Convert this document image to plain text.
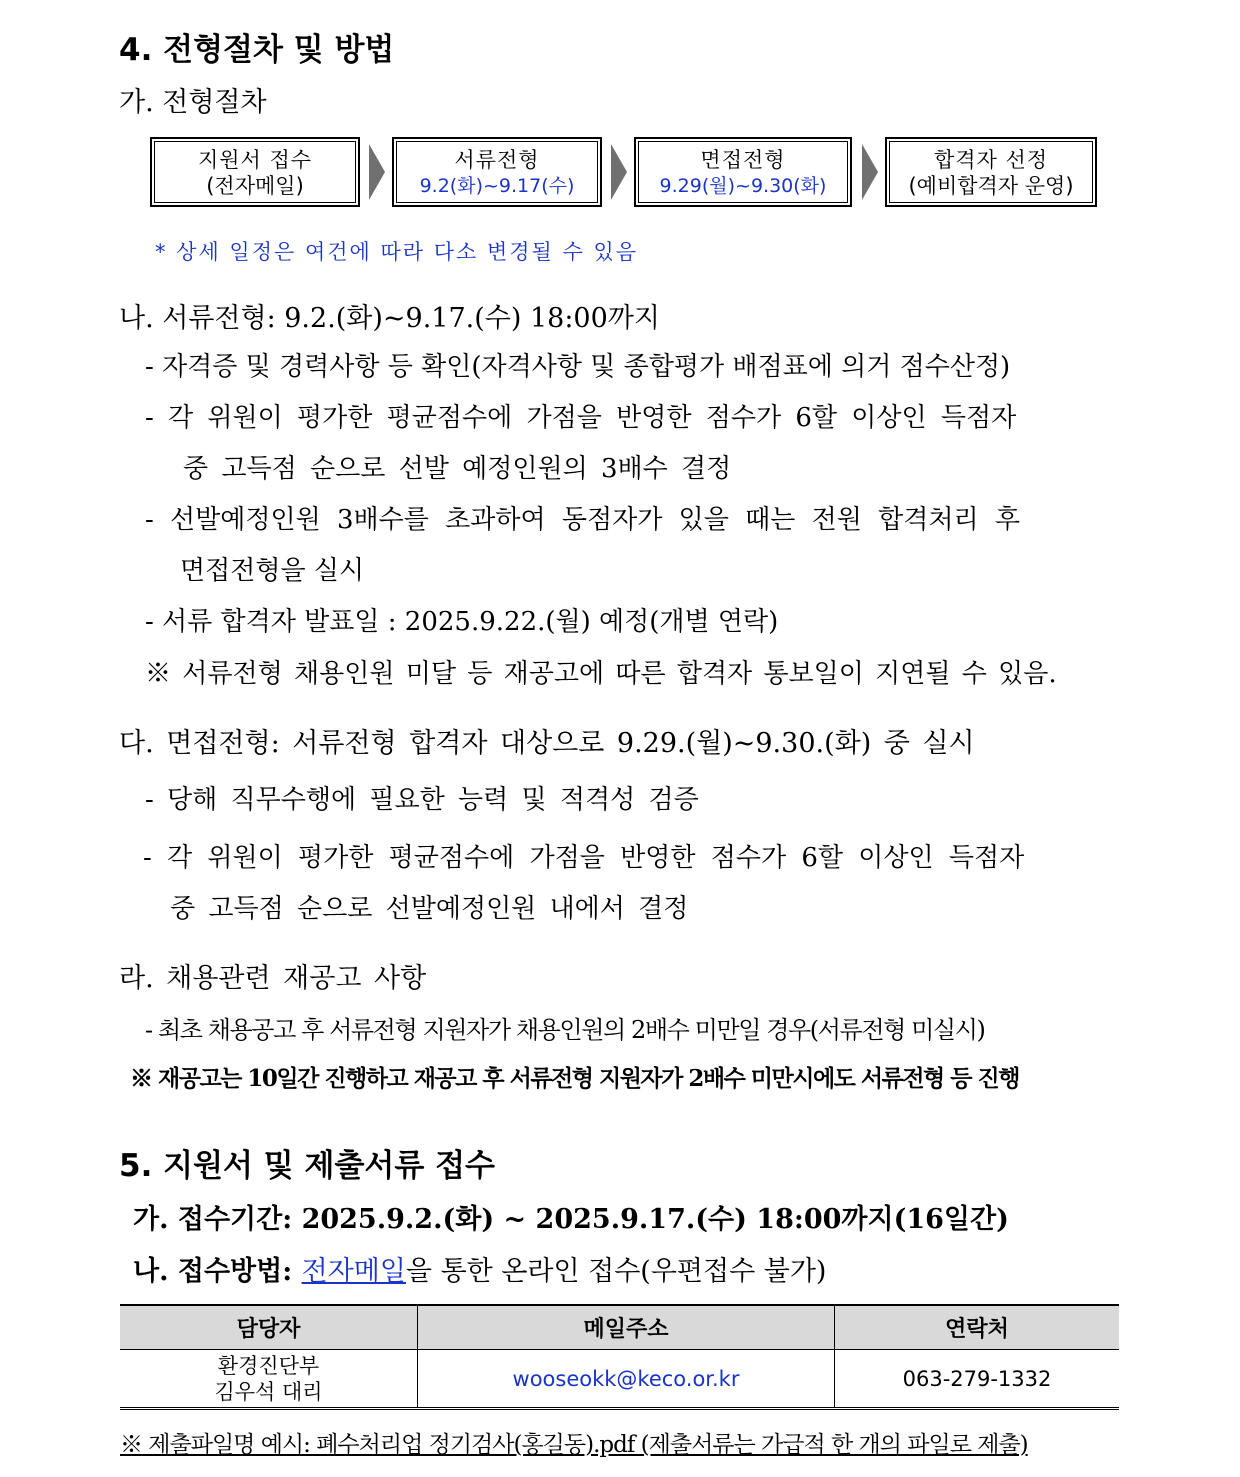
4. 전형절차 및 방법
가. 전형절차
지원서 접수
(전자메일)
서류전형
9.2(화)~9.17(수)
면접전형
9.29(월)~9.30(화)
합격자 선정
(예비합격자 운영)
* 상세 일정은 여건에 따라 다소 변경될 수 있음
나. 서류전형: 9.2.(화)~9.17.(수) 18:00까지
- 자격증 및 경력사항 등 확인(자격사항 및 종합평가 배점표에 의거 점수산정)
- 각 위원이 평가한 평균점수에 가점을 반영한 점수가 6할 이상인 득점자
중 고득점 순으로 선발 예정인원의 3배수 결정
- 선발예정인원 3배수를 초과하여 동점자가 있을 때는 전원 합격처리 후
면접전형을 실시
- 서류 합격자 발표일 : 2025.9.22.(월) 예정(개별 연락)
※ 서류전형 채용인원 미달 등 재공고에 따른 합격자 통보일이 지연될 수 있음.
다. 면접전형: 서류전형 합격자 대상으로 9.29.(월)~9.30.(화) 중 실시
- 당해 직무수행에 필요한 능력 및 적격성 검증
- 각 위원이 평가한 평균점수에 가점을 반영한 점수가 6할 이상인 득점자
중 고득점 순으로 선발예정인원 내에서 결정
라. 채용관련 재공고 사항
- 최초 채용공고 후 서류전형 지원자가 채용인원의 2배수 미만일 경우(서류전형 미실시)
※ 재공고는 10일간 진행하고 재공고 후 서류전형 지원자가 2배수 미만시에도 서류전형 등 진행
5. 지원서 및 제출서류 접수
가. 접수기간: 2025.9.2.(화) ~ 2025.9.17.(수) 18:00까지(16일간)
나. 접수방법: 전자메일을 통한 온라인 접수(우편접수 불가)
담당자	메일주소	연락처

환경진단부
김우석 대리	wooseokk@keco.or.kr	063-279-1332
※ 제출파일명 예시: 폐수처리업 정기검사(홍길동).pdf (제출서류는 가급적 한 개의 파일로 제출)
